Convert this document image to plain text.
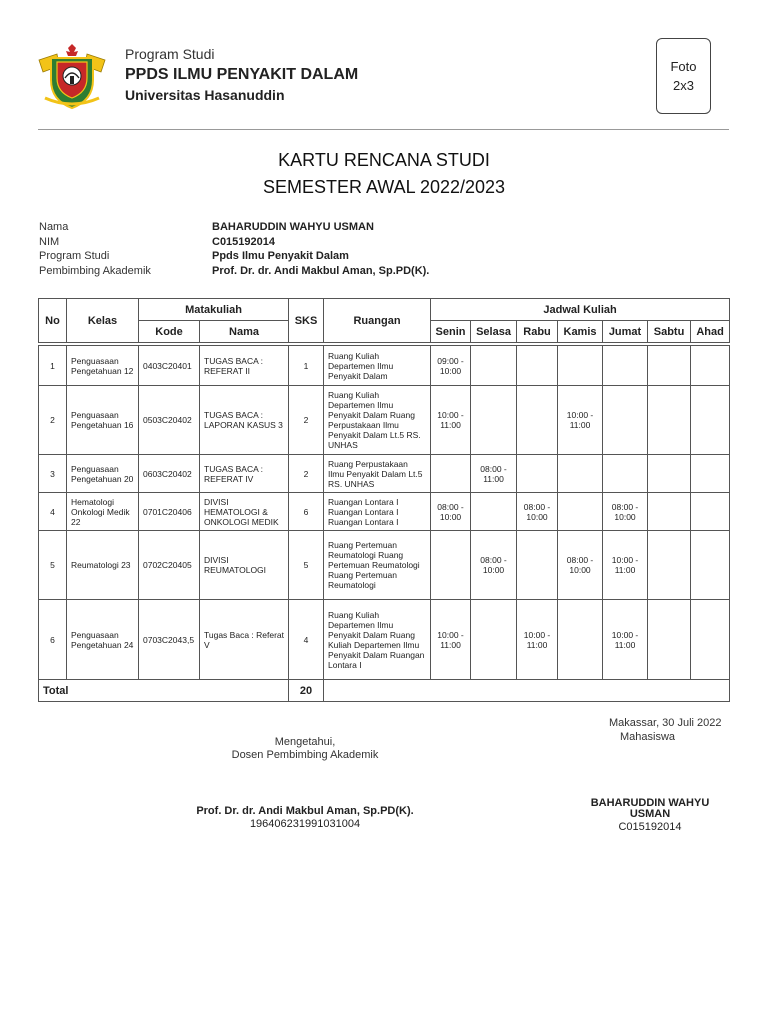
Program Studi
PPDS ILMU PENYAKIT DALAM
Universitas Hasanuddin
Foto
2x3
KARTU RENCANA STUDI
SEMESTER AWAL 2022/2023
Nama	BAHARUDDIN WAHYU USMAN
NIM	C015192014
Program Studi	Ppds Ilmu Penyakit Dalam
Pembimbing Akademik	Prof. Dr. dr. Andi Makbul Aman, Sp.PD(K).
No	Kelas	Matakuliah		SKS	Ruangan	Jadwal Kuliah						
		Kode	Nama			Senin	Selasa	Rabu	Kamis	Jumat	Sabtu	Ahad

1	Penguasaan Pengetahuan 12	0403C20401	TUGAS BACA : REFERAT II	1	Ruang Kuliah Departemen Ilmu Penyakit Dalam	09:00 - 10:00						
2	Penguasaan Pengetahuan 16	0503C20402	TUGAS BACA : LAPORAN KASUS 3	2	Ruang Kuliah Departemen Ilmu Penyakit Dalam Ruang Perpustakaan Ilmu Penyakit Dalam Lt.5 RS. UNHAS	10:00 - 11:00			10:00 - 11:00			
3	Penguasaan Pengetahuan 20	0603C20402	TUGAS BACA : REFERAT IV	2	Ruang Perpustakaan Ilmu Penyakit Dalam Lt.5 RS. UNHAS		08:00 - 11:00					
4	Hematologi Onkologi Medik 22	0701C20406	DIVISI HEMATOLOGI & ONKOLOGI MEDIK	6	Ruangan Lontara I Ruangan Lontara I Ruangan Lontara I	08:00 - 10:00		08:00 - 10:00		08:00 - 10:00		
5	Reumatologi 23	0702C20405	DIVISI REUMATOLOGI	5	Ruang Pertemuan Reumatologi Ruang Pertemuan Reumatologi Ruang Pertemuan Reumatologi		08:00 - 10:00		08:00 - 10:00	10:00 - 11:00		
6	Penguasaan Pengetahuan 24	0703C2043,5	Tugas Baca : Referat V	4	Ruang Kuliah Departemen Ilmu Penyakit Dalam Ruang Kuliah Departemen Ilmu Penyakit Dalam Ruangan Lontara I	10:00 - 11:00		10:00 - 11:00		10:00 - 11:00		
Total				20								
Makassar, 30 Juli 2022
Mahasiswa
Mengetahui,
Dosen Pembimbing Akademik
Prof. Dr. dr. Andi Makbul Aman, Sp.PD(K).
196406231991031004
BAHARUDDIN WAHYU USMAN
C015192014
